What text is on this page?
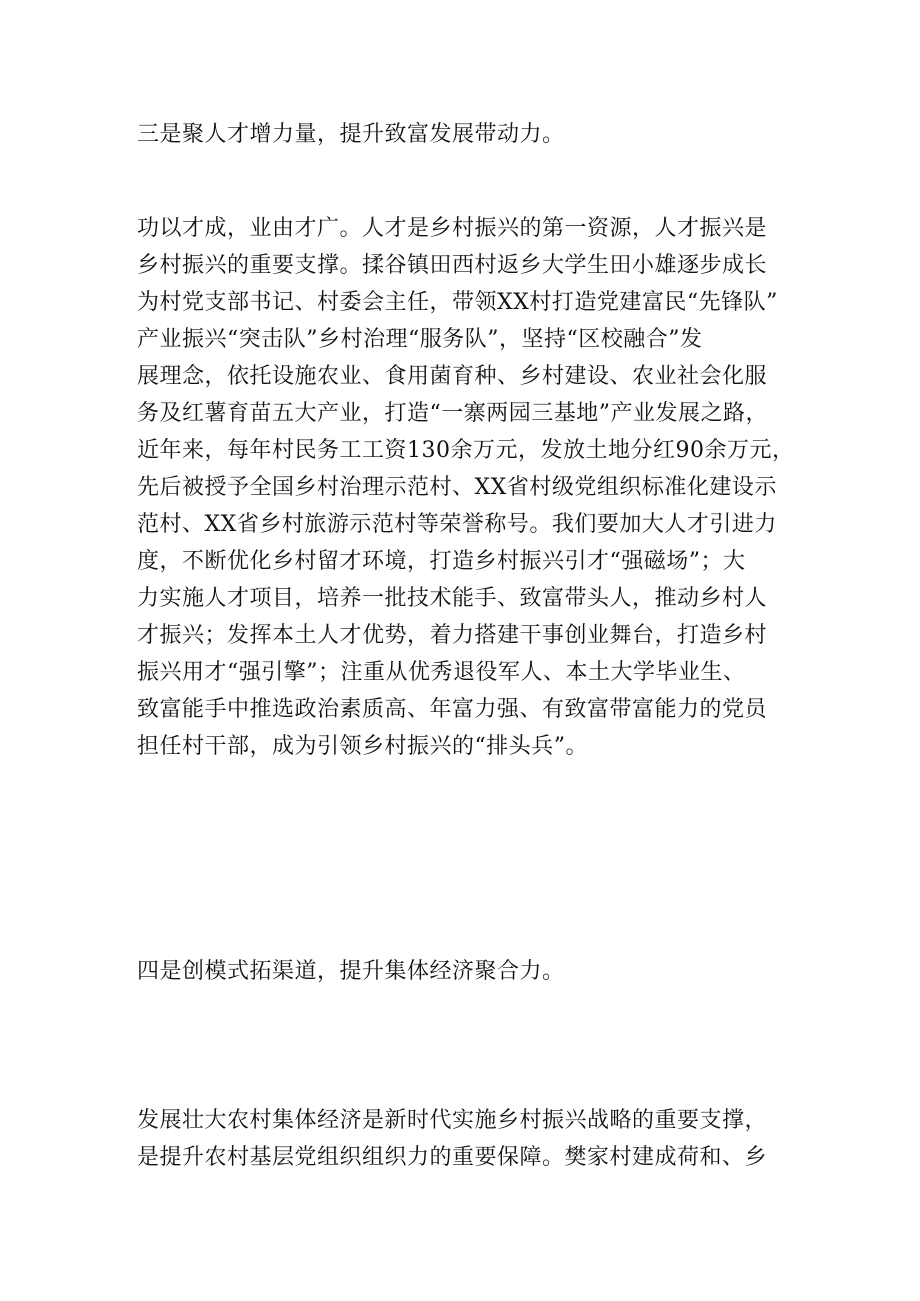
三是聚人才增力量，提升致富发展带动力。
功以才成，业由才广。人才是乡村振兴的第一资源，人才振兴是
乡村振兴的重要支撑。揉谷镇田西村返乡大学生田小雄逐步成长
为村党支部书记、村委会主任，带领XX村打造党建富民“先锋队”
产业振兴“突击队”乡村治理“服务队”，坚持“区校融合”发
展理念，依托设施农业、食用菌育种、乡村建设、农业社会化服
务及红薯育苗五大产业，打造“一寨两园三基地”产业发展之路，
近年来，每年村民务工工资130余万元，发放土地分红90余万元，
先后被授予全国乡村治理示范村、XX省村级党组织标准化建设示
范村、XX省乡村旅游示范村等荣誉称号。我们要加大人才引进力
度，不断优化乡村留才环境，打造乡村振兴引才“强磁场”；大
力实施人才项目，培养一批技术能手、致富带头人，推动乡村人
才振兴；发挥本土人才优势，着力搭建干事创业舞台，打造乡村
振兴用才“强引擎”；注重从优秀退役军人、本土大学毕业生、
致富能手中推选政治素质高、年富力强、有致富带富能力的党员
担任村干部，成为引领乡村振兴的“排头兵”。
四是创模式拓渠道，提升集体经济聚合力。
发展壮大农村集体经济是新时代实施乡村振兴战略的重要支撑，
是提升农村基层党组织组织力的重要保障。樊家村建成荷和、乡
